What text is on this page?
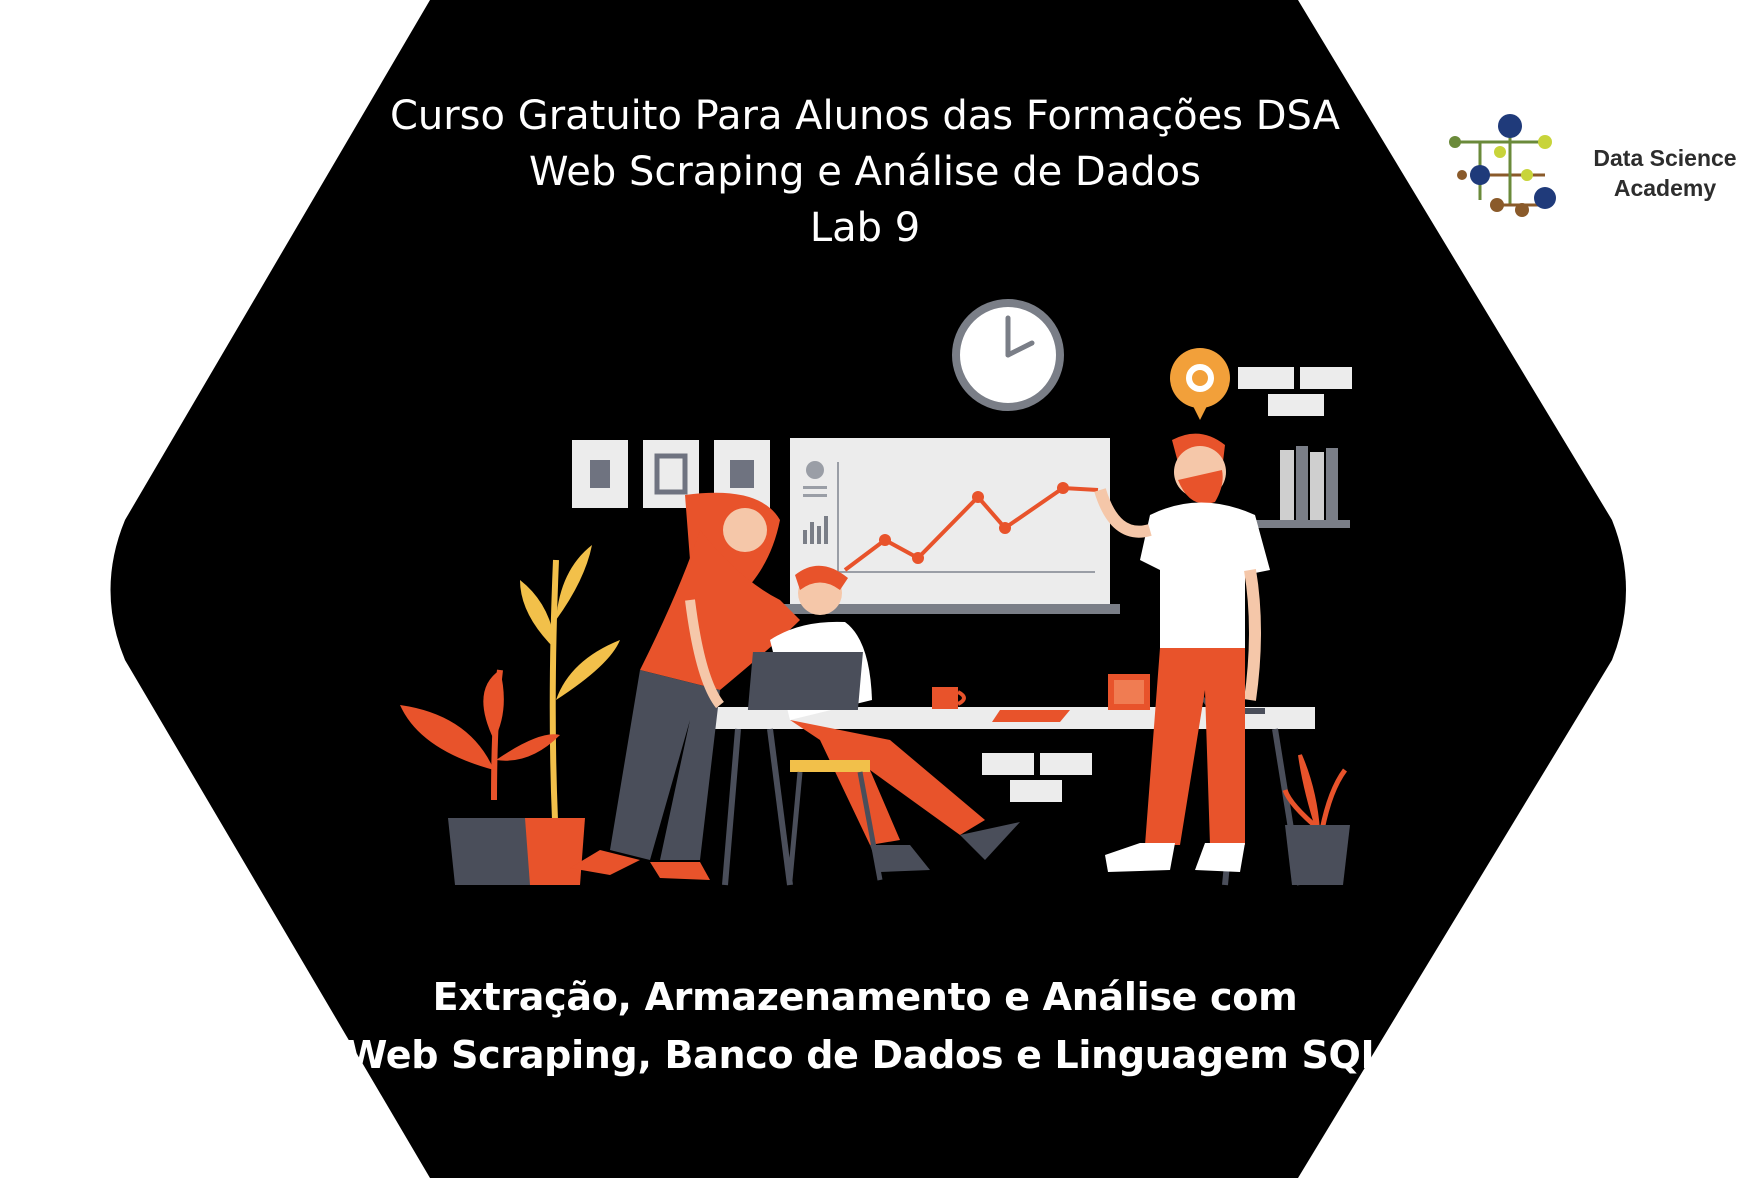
Curso Gratuito Para Alunos das Formações DSA
Web Scraping e Análise de Dados
Lab 9
Data Science
Academy
Extração, Armazenamento e Análise com
Web Scraping, Banco de Dados e Linguagem SQL
